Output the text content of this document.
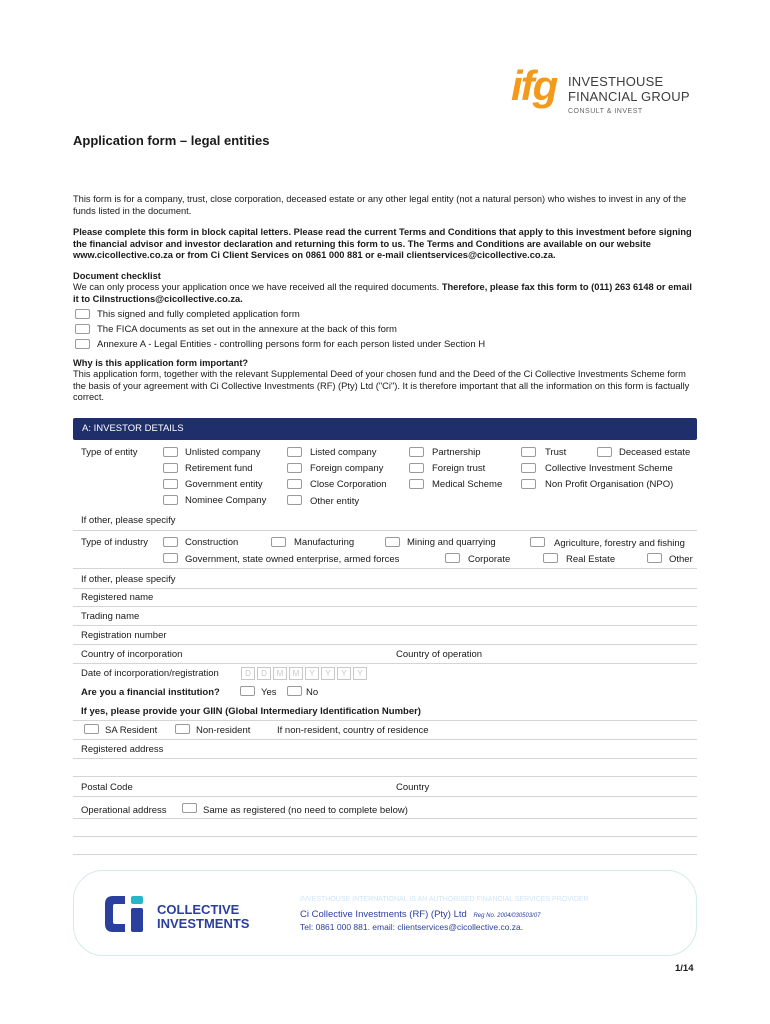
ifg INVESTHOUSE
FINANCIAL GROUP
CONSULT & INVEST
Application form – legal entities
This form is for a company, trust, close corporation, deceased estate or any other legal entity (not a natural person) who wishes to invest in any of the funds listed in the document.
Please complete this form in block capital letters. Please read the current Terms and Conditions that apply to this investment before signing the financial advisor and investor declaration and returning this form to us. The Terms and Conditions are available on our website www.cicollective.co.za or from Ci Client Services on 0861 000 881 or e-mail clientservices@cicollective.co.za.
Document checklist
We can only process your application once we have received all the required documents. Therefore, please fax this form to (011) 263 6148 or email it to CiInstructions@cicollective.co.za.
This signed and fully completed application form
The FICA documents as set out in the annexure at the back of this form
Annexure A - Legal Entities - controlling persons form for each person listed under Section H
Why is this application form important?
This application form, together with the relevant Supplemental Deed of your chosen fund and the Deed of the Ci Collective Investments Scheme form the basis of your agreement with Ci Collective Investments (RF) (Pty) Ltd ("Ci"). It is therefore important that all the information on this form is factually correct.
A: INVESTOR DETAILS
Type of entity	Unlisted company	Listed company	Partnership	Trust	Deceased estate
Retirement fund	Foreign company	Foreign trust	Collective Investment Scheme
Government entity	Close Corporation	Medical Scheme	Non Profit Organisation (NPO)
Nominee Company	Other entity
If other, please specify
Type of industry	Construction	Manufacturing	Mining and quarrying	Agriculture, forestry and fishing
Government, state owned enterprise, armed forces	Corporate	Real Estate	Other
If other, please specify
Registered name
Trading name
Registration number
Country of incorporation	Country of operation
Date of incorporation/registration	D	D	M	M	Y	Y	Y	Y
Are you a financial institution?	Yes	No
If yes, please provide your GIIN (Global Intermediary Identification Number)
SA Resident	Non-resident	If non-resident, country of residence
Registered address
Postal Code	Country
Operational address	Same as registered (no need to complete below)
COLLECTIVE
INVESTMENTS
INVESTHOUSE INTERNATIONAL IS AN AUTHORISED FINANCIAL SERVICES PROVIDER
Ci Collective Investments (RF) (Pty) Ltd Reg No. 2004/030503/07
Tel: 0861 000 881. email: clientservices@cicollective.co.za.
1/14
